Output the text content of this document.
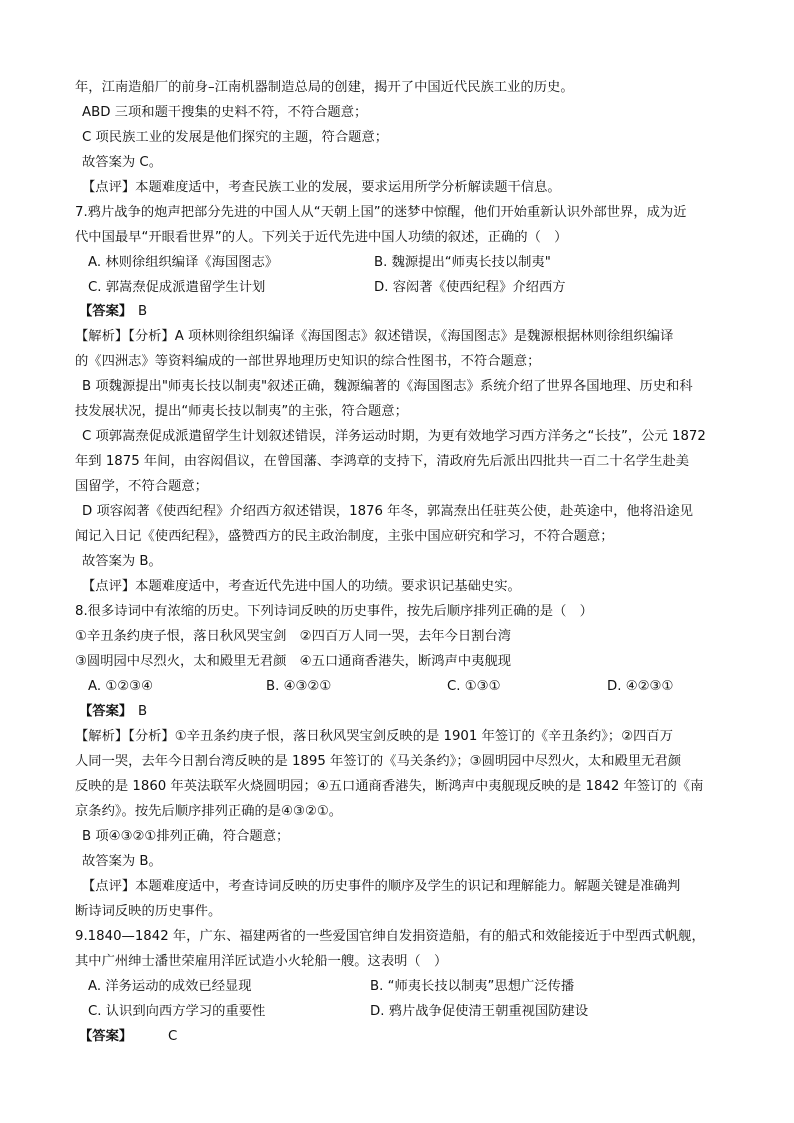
年，江南造船厂的前身–江南机器制造总局的创建，揭开了中国近代民族工业的历史。
ABD 三项和题干搜集的史料不符，不符合题意；
C 项民族工业的发展是他们探究的主题，符合题意；
故答案为 C。
【点评】本题难度适中，考查民族工业的发展，要求运用所学分析解读题干信息。
7.鸦片战争的炮声把部分先进的中国人从“天朝上国”的迷梦中惊醒，他们开始重新认识外部世界，成为近
代中国最早“开眼看世界”的人。下列关于近代先进中国人功绩的叙述，正确的（　）
A. 林则徐组织编译《海国图志》	B. 魏源提出“师夷长技以制夷"
C. 郭嵩焘促成派遣留学生计划	D. 容闳著《使西纪程》介绍西方
【答案】 B
【解析】【分析】A 项林则徐组织编译《海国图志》叙述错误，《海国图志》是魏源根据林则徐组织编译
的《四洲志》等资料编成的一部世界地理历史知识的综合性图书，不符合题意；
B 项魏源提出"师夷长技以制夷"叙述正确，魏源编著的《海国图志》系统介绍了世界各国地理、历史和科
技发展状况，提出“师夷长技以制夷”的主张，符合题意；
C 项郭嵩焘促成派遣留学生计划叙述错误，洋务运动时期，为更有效地学习西方洋务之“长技”，公元 1872
年到 1875 年间，由容闳倡议，在曾国藩、李鸿章的支持下，清政府先后派出四批共一百二十名学生赴美
国留学，不符合题意；
D 项容闳著《使西纪程》介绍西方叙述错误，1876 年冬，郭嵩焘出任驻英公使，赴英途中，他将沿途见
闻记入日记《使西纪程》，盛赞西方的民主政治制度，主张中国应研究和学习，不符合题意；
故答案为 B。
【点评】本题难度适中，考查近代先进中国人的功绩。要求识记基础史实。
8.很多诗词中有浓缩的历史。下列诗词反映的历史事件，按先后顺序排列正确的是（　）
①辛丑条约庚子恨，落日秋风哭宝剑　②四百万人同一哭，去年今日割台湾
③圆明园中尽烈火，太和殿里无君颜　④五口通商香港失，断鸿声中夷舰现
A. ①②③④	B. ④③②①	C. ①③①	D. ④②③①
【答案】 B
【解析】【分析】①辛丑条约庚子恨，落日秋风哭宝剑反映的是 1901 年签订的《辛丑条约》；②四百万
人同一哭，去年今日割台湾反映的是 1895 年签订的《马关条约》；③圆明园中尽烈火，太和殿里无君颜
反映的是 1860 年英法联军火烧圆明园；④五口通商香港失，断鸿声中夷舰现反映的是 1842 年签订的《南
京条约》。按先后顺序排列正确的是④③②①。
B 项④③②①排列正确，符合题意；
故答案为 B。
【点评】本题难度适中，考查诗词反映的历史事件的顺序及学生的识记和理解能力。解题关键是准确判
断诗词反映的历史事件。
9.1840—1842 年，广东、福建两省的一些爱国官绅自发捐资造船，有的船式和效能接近于中型西式帆舰，
其中广州绅士潘世荣雇用洋匠试造小火轮船一艘。这表明（　）
A. 洋务运动的成效已经显现	B. “师夷长技以制夷”思想广泛传播
C. 认识到向西方学习的重要性	D. 鸦片战争促使清王朝重视国防建设
【答案】	C
